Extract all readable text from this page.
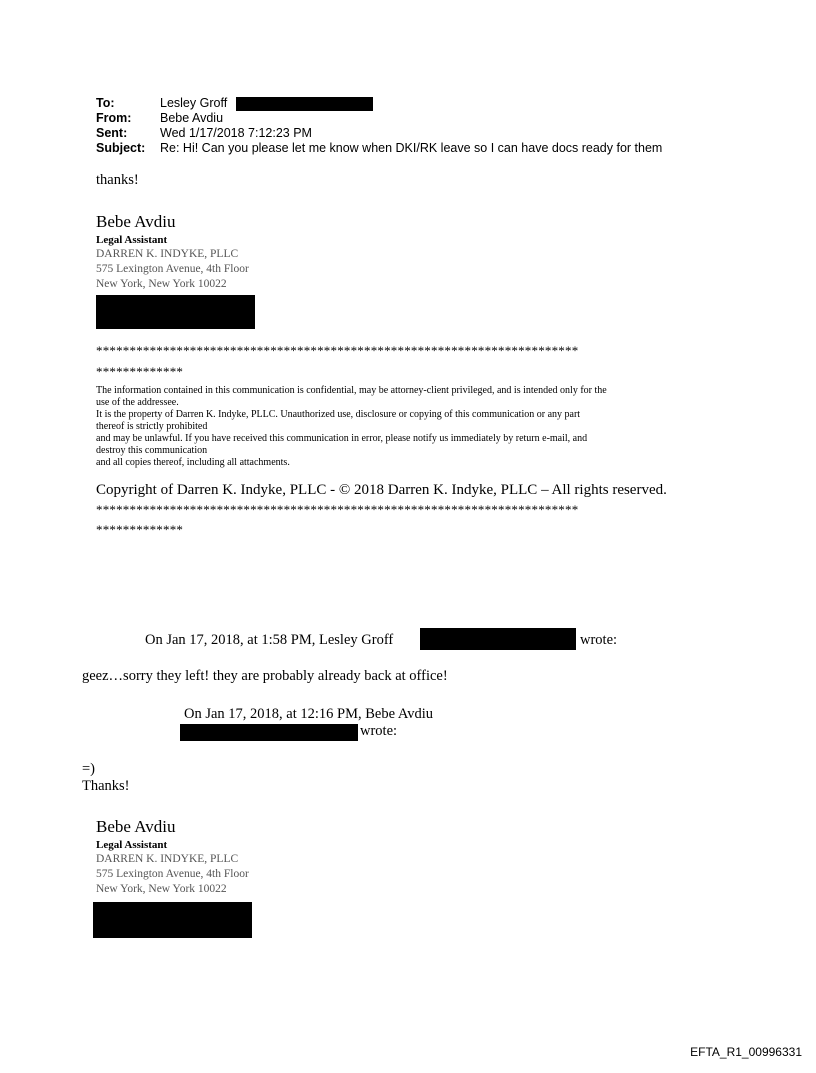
To:	Lesley Groff
From: Bebe Avdiu
Sent:	Wed 1/17/2018 7:12:23 PM
Subject: Re: Hi! Can you please let me know when DKI/RK leave so I can have docs ready for them
thanks!
Bebe Avdiu
Legal Assistant
DARREN K. INDYKE, PLLC
575 Lexington Avenue, 4th Floor
New York, New York 10022
************************************************************************
*************
The information contained in this communication is confidential, may be attorney-client privileged, and is intended only for the
use of the addressee.
It is the property of Darren K. Indyke, PLLC. Unauthorized use, disclosure or copying of this communication or any part
thereof is strictly prohibited
and may be unlawful. If you have received this communication in error, please notify us immediately by return e-mail, and
destroy this communication
and all copies thereof, including all attachments.
Copyright of Darren K. Indyke, PLLC - © 2018 Darren K. Indyke, PLLC – All rights reserved.
************************************************************************
*************
On Jan 17, 2018, at 1:58 PM, Lesley Groff	wrote:
geez…sorry they left! they are probably already back at office!
On Jan 17, 2018, at 12:16 PM, Bebe Avdiu
wrote:
=)
Thanks!
Bebe Avdiu
Legal Assistant
DARREN K. INDYKE, PLLC
575 Lexington Avenue, 4th Floor
New York, New York 10022
EFTA_R1_00996331
